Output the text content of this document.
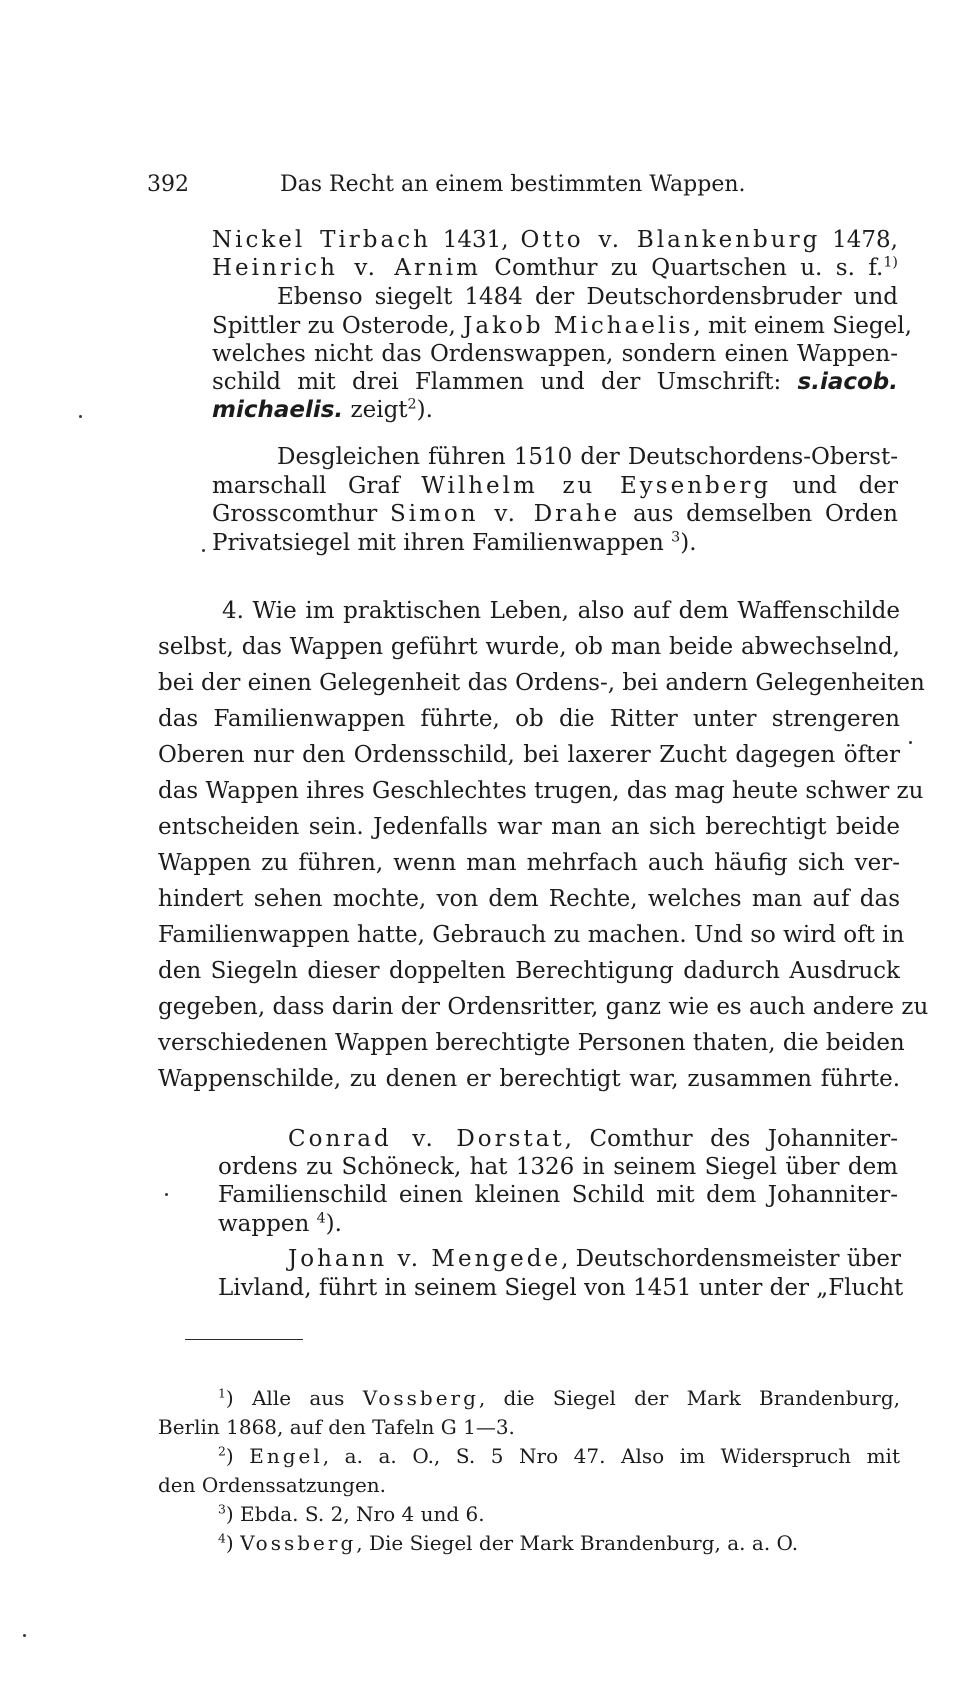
392	Das Recht an einem bestimmten Wappen.
Nickel Tirbach 1431, Otto v. Blankenburg 1478,
Heinrich v. Arnim Comthur zu Quartschen u. s. f.$^{1)}$
Ebenso siegelt 1484 der Deutschordensbruder und
Spittler zu Osterode, Jakob Michaelis, mit einem Siegel,
welches nicht das Ordenswappen, sondern einen Wappen-
schild mit drei Flammen und der Umschrift: s.iacob.
michaelis. zeigt$^2$).
Desgleichen führen 1510 der Deutschordens-Oberst-
marschall Graf Wilhelm zu Eysenberg und der
Grosscomthur Simon v. Drahe aus demselben Orden
Privatsiegel mit ihren Familienwappen $^3$).
4. Wie im praktischen Leben, also auf dem Waffenschilde
selbst, das Wappen geführt wurde, ob man beide abwechselnd,
bei der einen Gelegenheit das Ordens-, bei andern Gelegenheiten
das Familienwappen führte, ob die Ritter unter strengeren
Oberen nur den Ordensschild, bei laxerer Zucht dagegen öfter
das Wappen ihres Geschlechtes trugen, das mag heute schwer zu
entscheiden sein. Jedenfalls war man an sich berechtigt beide
Wappen zu führen, wenn man mehrfach auch häufig sich ver-
hindert sehen mochte, von dem Rechte, welches man auf das
Familienwappen hatte, Gebrauch zu machen. Und so wird oft in
den Siegeln dieser doppelten Berechtigung dadurch Ausdruck
gegeben, dass darin der Ordensritter, ganz wie es auch andere zu
verschiedenen Wappen berechtigte Personen thaten, die beiden
Wappenschilde, zu denen er berechtigt war, zusammen führte.
Conrad v. Dorstat, Comthur des Johanniter-
ordens zu Schöneck, hat 1326 in seinem Siegel über dem
Familienschild einen kleinen Schild mit dem Johanniter-
wappen $^4$).
Johann v. Mengede, Deutschordensmeister über
Livland, führt in seinem Siegel von 1451 unter der „Flucht
$^1$) Alle aus Vossberg, die Siegel der Mark Brandenburg,
Berlin 1868, auf den Tafeln G 1—3.
$^2$) Engel, a. a. O., S. 5 Nro 47. Also im Widerspruch mit
den Ordenssatzungen.
$^3$) Ebda. S. 2, Nro 4 und 6.
$^4$) Vossberg, Die Siegel der Mark Brandenburg, a. a. O.
